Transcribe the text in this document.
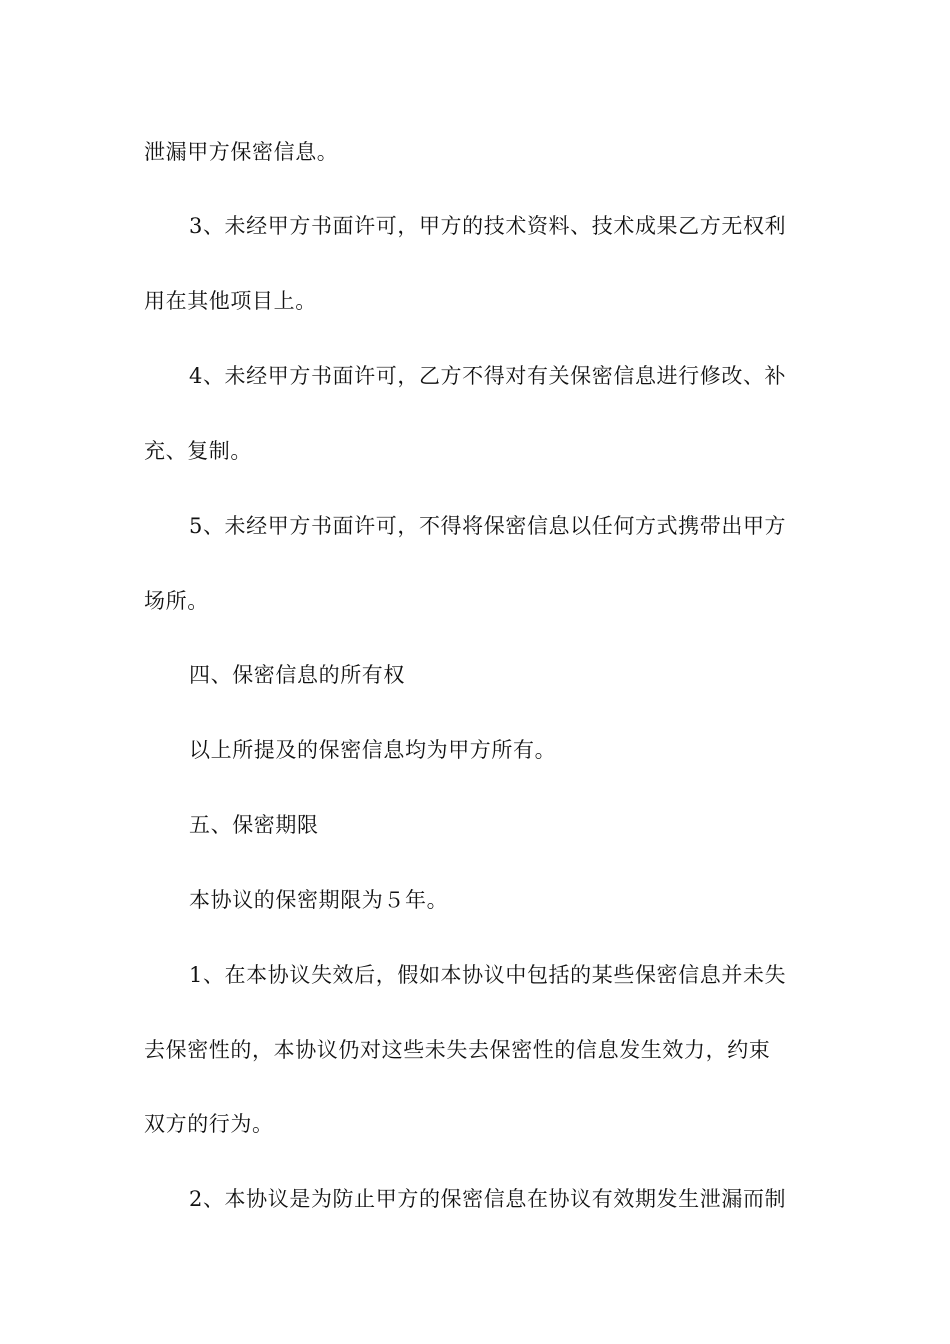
泄漏甲方保密信息。
3、未经甲方书面许可，甲方的技术资料、技术成果乙方无权利
用在其他项目上。
4、未经甲方书面许可，乙方不得对有关保密信息进行修改、补
充、复制。
5、未经甲方书面许可，不得将保密信息以任何方式携带出甲方
场所。
四、保密信息的所有权
以上所提及的保密信息均为甲方所有。
五、保密期限
本协议的保密期限为５年。
1、在本协议失效后，假如本协议中包括的某些保密信息并未失
去保密性的，本协议仍对这些未失去保密性的信息发生效力，约束
双方的行为。
2、本协议是为防止甲方的保密信息在协议有效期发生泄漏而制
